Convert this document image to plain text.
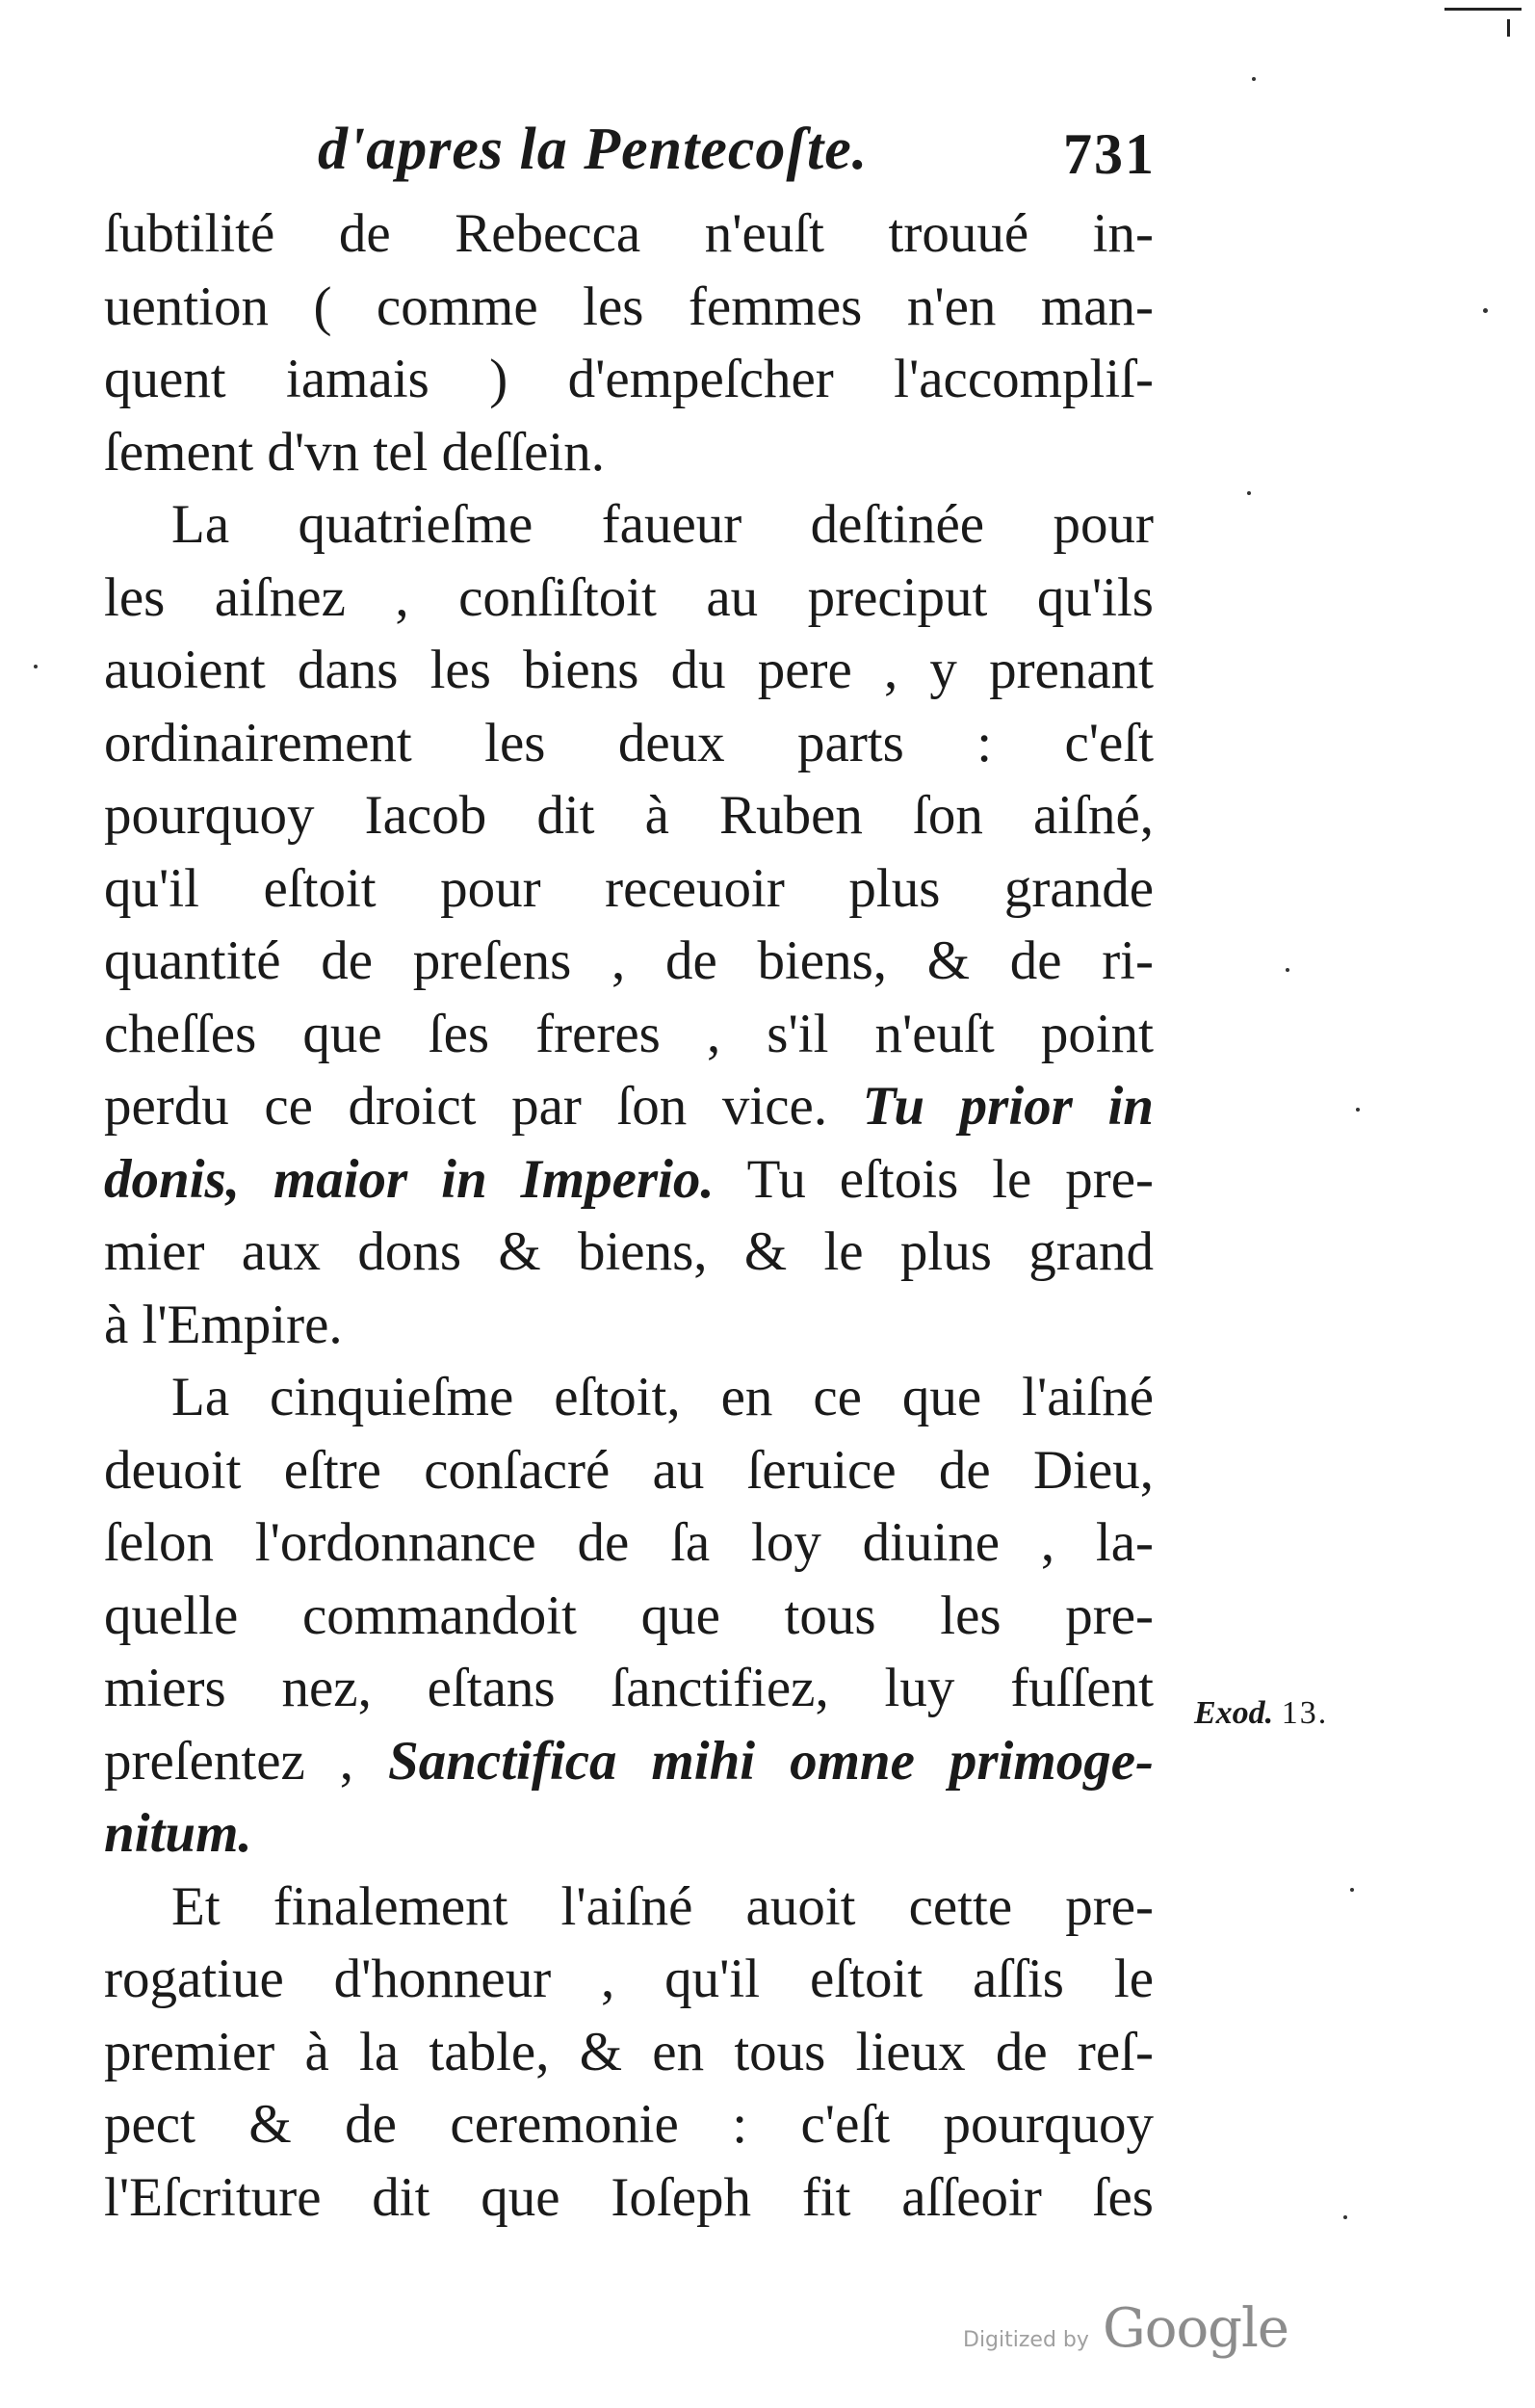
d'apres la Pentecoſte.	731
ſubtilité de Rebecca n'euſt trouué in-
uention ( comme les femmes n'en man-
quent iamais ) d'empeſcher l'accompliſ-
ſement d'vn tel deſſein.
La quatrieſme faueur deſtinée pour
les aiſnez , conſiſtoit au preciput qu'ils
auoient dans les biens du pere , y prenant
ordinairement les deux parts : c'eſt
pourquoy Iacob dit à Ruben ſon aiſné,
qu'il eſtoit pour receuoir plus grande
quantité de preſens , de biens, & de ri-
cheſſes que ſes freres , s'il n'euſt point
perdu ce droict par ſon vice. Tu prior in
donis, maior in Imperio. Tu eſtois le pre-
mier aux dons & biens, & le plus grand
à l'Empire.
La cinquieſme eſtoit, en ce que l'aiſné
deuoit eſtre conſacré au ſeruice de Dieu,
ſelon l'ordonnance de ſa loy diuine , la-
quelle commandoit que tous les pre-
miers nez, eſtans ſanctifiez, luy fuſſent
preſentez , Sanctifica mihi omne primoge-
nitum.
Et finalement l'aiſné auoit cette pre-
rogatiue d'honneur , qu'il eſtoit aſſis le
premier à la table, & en tous lieux de reſ-
pect & de ceremonie : c'eſt pourquoy
l'Eſcriture dit que Ioſeph fit aſſeoir ſes
Exod. 13.
Digitized by Google
